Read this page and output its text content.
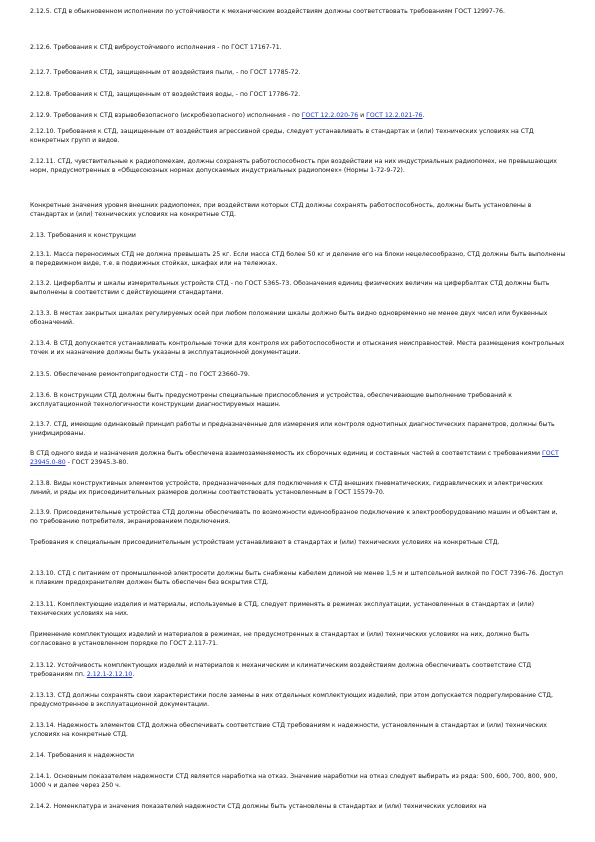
2.12.5. СТД в обыкновенном исполнении по устойчивости к механическим воздействиям должны соответствовать требованиям ГОСТ 12997-76.

2.12.6. Требования к СТД виброустойчивого исполнения - по ГОСТ 17167-71.

2.12.7. Требования к СТД, защищенным от воздействия пыли, - по ГОСТ 17785-72.

2.12.8. Требования к СТД, защищенным от воздействия воды, - по ГОСТ 17786-72.

2.12.9. Требования к СТД взрывобезопасного (искробезопасного) исполнения - по ГОСТ 12.2.020-76 и ГОСТ 12.2.021-76.

2.12.10. Требования к СТД, защищенным от воздействия агрессивной среды, следует устанавливать в стандартах и (или) технических условиях на СТД конкретных групп и видов.

2.12.11. СТД, чувствительные к радиопомехам, должны сохранять работоспособность при воздействии на них индустриальных радиопомех, не превышающих норм, предусмотренных в «Общесоюзных нормах допускаемых индустриальных радиопомех» (Нормы 1-72-9-72).

Конкретные значения уровня внешних радиопомех, при воздействии которых СТД должны сохранять работоспособность, должны быть установлены в стандартах и (или) технических условиях на конкретные СТД.

2.13. Требования к конструкции

2.13.1. Масса переносимых СТД не должна превышать 25 кг. Если масса СТД более 50 кг и деление его на блоки нецелесообразно, СТД должны быть выполнены в передвижном виде, т.е. в подвижных стойках, шкафах или на тележках.

2.13.2. Цифербалты и шкалы измерительных устройств СТД - по ГОСТ 5365-73. Обозначения единиц физических величин на цифербалтах СТД должны быть выполнены в соответствии с действующими стандартами.

2.13.3. В местах закрытых шкалах регулируемых осей при любом положении шкалы должно быть видно одновременно не менее двух чисел или буквенных обозначений.

2.13.4. В СТД допускается устанавливать контрольные точки для контроля их работоспособности и отыскания неисправностей. Места размещения контрольных точек и их назначение должны быть указаны в эксплуатационной документации.

2.13.5. Обеспечение ремонтопригодности СТД - по ГОСТ 23660-79.

2.13.6. В конструкции СТД должны быть предусмотрены специальные приспособления и устройства, обеспечивающие выполнение требований к эксплуатационной технологичности конструкции диагностируемых машин.

2.13.7. СТД, имеющие одинаковый принцип работы и предназначенные для измерения или контроля однотипных диагностических параметров, должны быть унифицированы.

В СТД одного вида и назначения должна быть обеспечена взаимозаменяемость их сборочных единиц и составных частей в соответствии с требованиями ГОСТ 23945.0-80 - ГОСТ 23945.3-80.

2.13.8. Виды конструктивных элементов устройств, предназначенных для подключения к СТД внешних пневматических, гидравлических и электрических линий, и ряды их присоединительных размеров должны соответствовать установленным в ГОСТ 15579-70.

2.13.9. Присоединительные устройства СТД должны обеспечивать по возможности единообразное подключение к электрооборудованию машин и объектам и, по требованию потребителя, экранированием подключения.

Требования к специальным присоединительным устройствам устанавливают в стандартах и (или) технических условиях на конкретные СТД.

2.13.10. СТД с питанием от промышленной электросети должны быть снабжены кабелем длиной не менее 1,5 м и штепсельной вилкой по ГОСТ 7396-76. Доступ к плавким предохранителям должен быть обеспечен без вскрытия СТД.

2.13.11. Комплектующие изделия и материалы, используемые в СТД, следует применять в режимах эксплуатации, установленных в стандартах и (или) технических условиях на них.

Применение комплектующих изделий и материалов в режимах, не предусмотренных в стандартах и (или) технических условиях на них, должно быть согласовано в установленном порядке по ГОСТ 2.117-71.

2.13.12. Устойчивость комплектующих изделий и материалов к механическим и климатическим воздействиям должна обеспечивать соответствие СТД требованиям пп. 2.12.1-2.12.10.

2.13.13. СТД должны сохранять свои характеристики после замены в них отдельных комплектующих изделий, при этом допускается подрегулирование СТД, предусмотренное в эксплуатационной документации.

2.13.14. Надежность элементов СТД должна обеспечивать соответствие СТД требованиям к надежности, установленным в стандартах и (или) технических условиях на конкретные СТД.

2.14. Требования к надежности

2.14.1. Основным показателем надежности СТД является наработка на отказ. Значение наработки на отказ следует выбирать из ряда: 500, 600, 700, 800, 900, 1000 ч и далее через 250 ч.

2.14.2. Номенклатура и значения показателей надежности СТД должны быть установлены в стандартах и (или) технических условиях на
